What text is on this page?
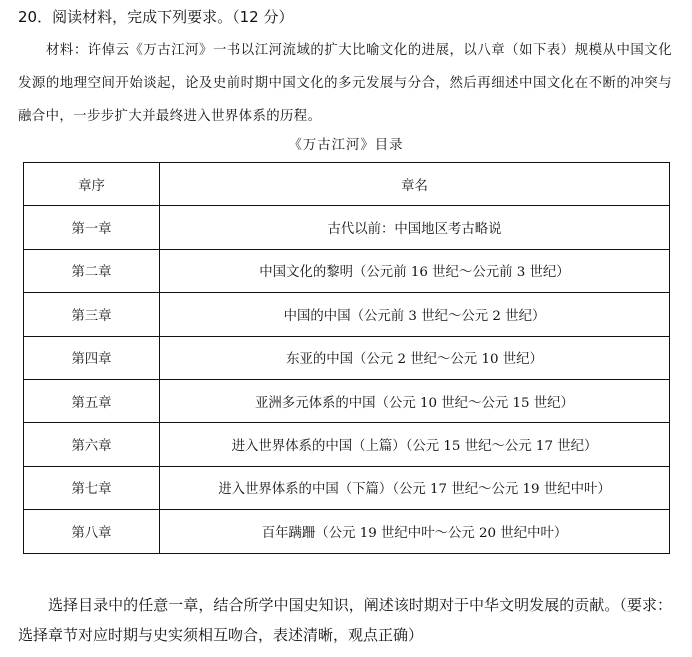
20．阅读材料，完成下列要求。（12 分）
材料：许倬云《万古江河》一书以江河流域的扩大比喻文化的进展，以八章（如下表）规模从中国文化发源的地理空间开始谈起，论及史前时期中国文化的多元发展与分合，然后再细述中国文化在不断的冲突与融合中，一步步扩大并最终进入世界体系的历程。
《万古江河》目录
章序	章名
第一章	古代以前：中国地区考古略说
第二章	中国文化的黎明（公元前 16 世纪～公元前 3 世纪）
第三章	中国的中国（公元前 3 世纪～公元 2 世纪）
第四章	东亚的中国（公元 2 世纪～公元 10 世纪）
第五章	亚洲多元体系的中国（公元 10 世纪～公元 15 世纪）
第六章	进入世界体系的中国（上篇）（公元 15 世纪～公元 17 世纪）
第七章	进入世界体系的中国（下篇）（公元 17 世纪～公元 19 世纪中叶）
第八章	百年蹒跚（公元 19 世纪中叶～公元 20 世纪中叶）
选择目录中的任意一章，结合所学中国史知识，阐述该时期对于中华文明发展的贡献。（要求：选择章节对应时期与史实须相互吻合，表述清晰，观点正确）
